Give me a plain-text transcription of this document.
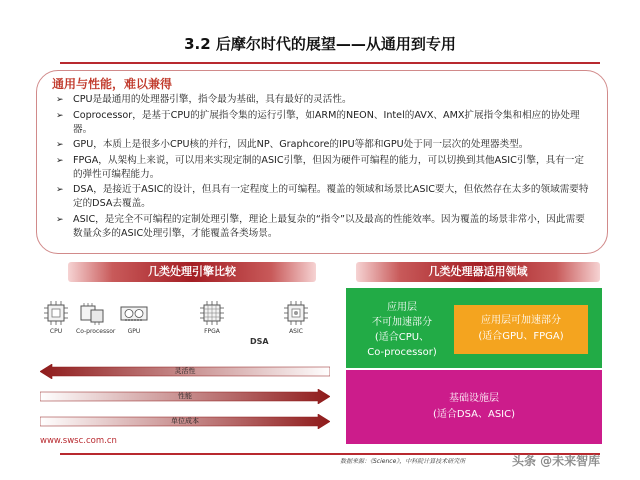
3.2 后摩尔时代的展望——从通用到专用
通用与性能，难以兼得
➢ CPU是最通用的处理器引擎，指令最为基础，具有最好的灵活性。
➢ Coprocessor，是基于CPU的扩展指令集的运行引擎，如ARM的NEON、Intel的AVX、AMX扩展指令集和相应的协处理器。
➢ GPU，本质上是很多小CPU核的并行，因此NP、Graphcore的IPU等都和GPU处于同一层次的处理器类型。
➢ FPGA，从架构上来说，可以用来实现定制的ASIC引擎，但因为硬件可编程的能力，可以切换到其他ASIC引擎，具有一定的弹性可编程能力。
➢ DSA，是接近于ASIC的设计，但具有一定程度上的可编程。覆盖的领域和场景比ASIC要大，但依然存在太多的领域需要特定的DSA去覆盖。
➢ ASIC，是完全不可编程的定制处理引擎，理论上最复杂的“指令”以及最高的性能效率。因为覆盖的场景非常小，因此需要数量众多的ASIC处理引擎，才能覆盖各类场景。
几类处理引擎比较	几类处理器适用领域
CPU	Co-processor	GPU	FPGA
DSA
ASIC
灵活性
性能
单位成本
应用层
不可加速部分
(适合CPU、
Co-processor)
应用层可加速部分
(适合GPU、FPGA)
基础设施层
(适合DSA、ASIC)
www.swsc.com.cn
数据来源：《Science》，中科院计算技术研究所	头条 @未来智库
